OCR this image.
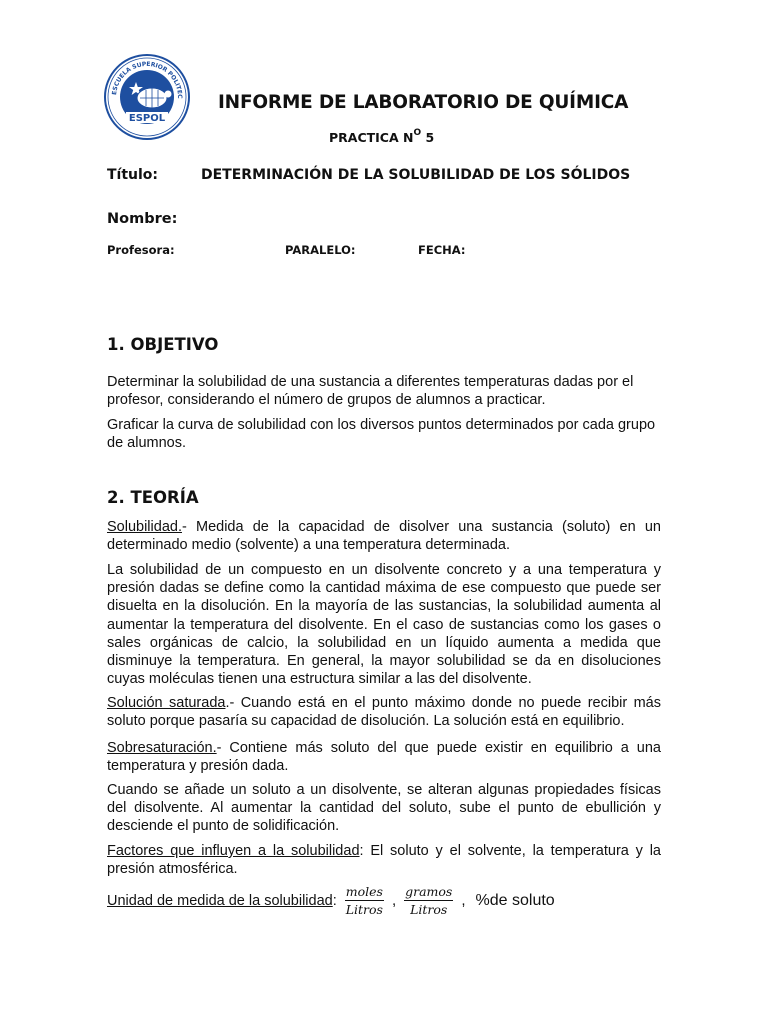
ESCUELA SUPERIOR POLITEC
ESPOL
INFORME DE LABORATORIO DE QUÍMICA
PRACTICA $N^O$ 5
Título:	DETERMINACIÓN DE LA SOLUBILIDAD DE LOS SÓLIDOS
Nombre:
Profesora:	PARALELO:	FECHA:
1. OBJETIVO

Determinar la solubilidad de una sustancia a diferentes temperaturas dadas por el profesor, considerando el número de grupos de alumnos a practicar.

Graficar la curva de solubilidad con los diversos puntos determinados por cada grupo de alumnos.

2. TEORÍA

Solubilidad.- Medida de la capacidad de disolver una sustancia (soluto) en un determinado medio (solvente) a una temperatura determinada.

La solubilidad de un compuesto en un disolvente concreto y a una temperatura y presión dadas se define como la cantidad máxima de ese compuesto que puede ser disuelta en la disolución. En la mayoría de las sustancias, la solubilidad aumenta al aumentar la temperatura del disolvente. En el caso de sustancias como los gases o sales orgánicas de calcio, la solubilidad en un líquido aumenta a medida que disminuye la temperatura. En general, la mayor solubilidad se da en disoluciones cuyas moléculas tienen una estructura similar a las del disolvente.

Solución saturada.- Cuando está en el punto máximo donde no puede recibir más soluto porque pasaría su capacidad de disolución. La solución está en equilibrio.

Sobresaturación.- Contiene más soluto del que puede existir en equilibrio a una temperatura y presión dada.

Cuando se añade un soluto a un disolvente, se alteran algunas propiedades físicas del disolvente. Al aumentar la cantidad del soluto, sube el punto de ebullición y desciende el punto de solidificación.

Factores que influyen a la solubilidad: El soluto y el solvente, la temperatura y la presión atmosférica.

Unidad de medida de la solubilidad : $\frac{\text{moles}}{\text{Litros}}$ , $\frac{\text{gramos}}{\text{Litros}}$ , %de soluto
